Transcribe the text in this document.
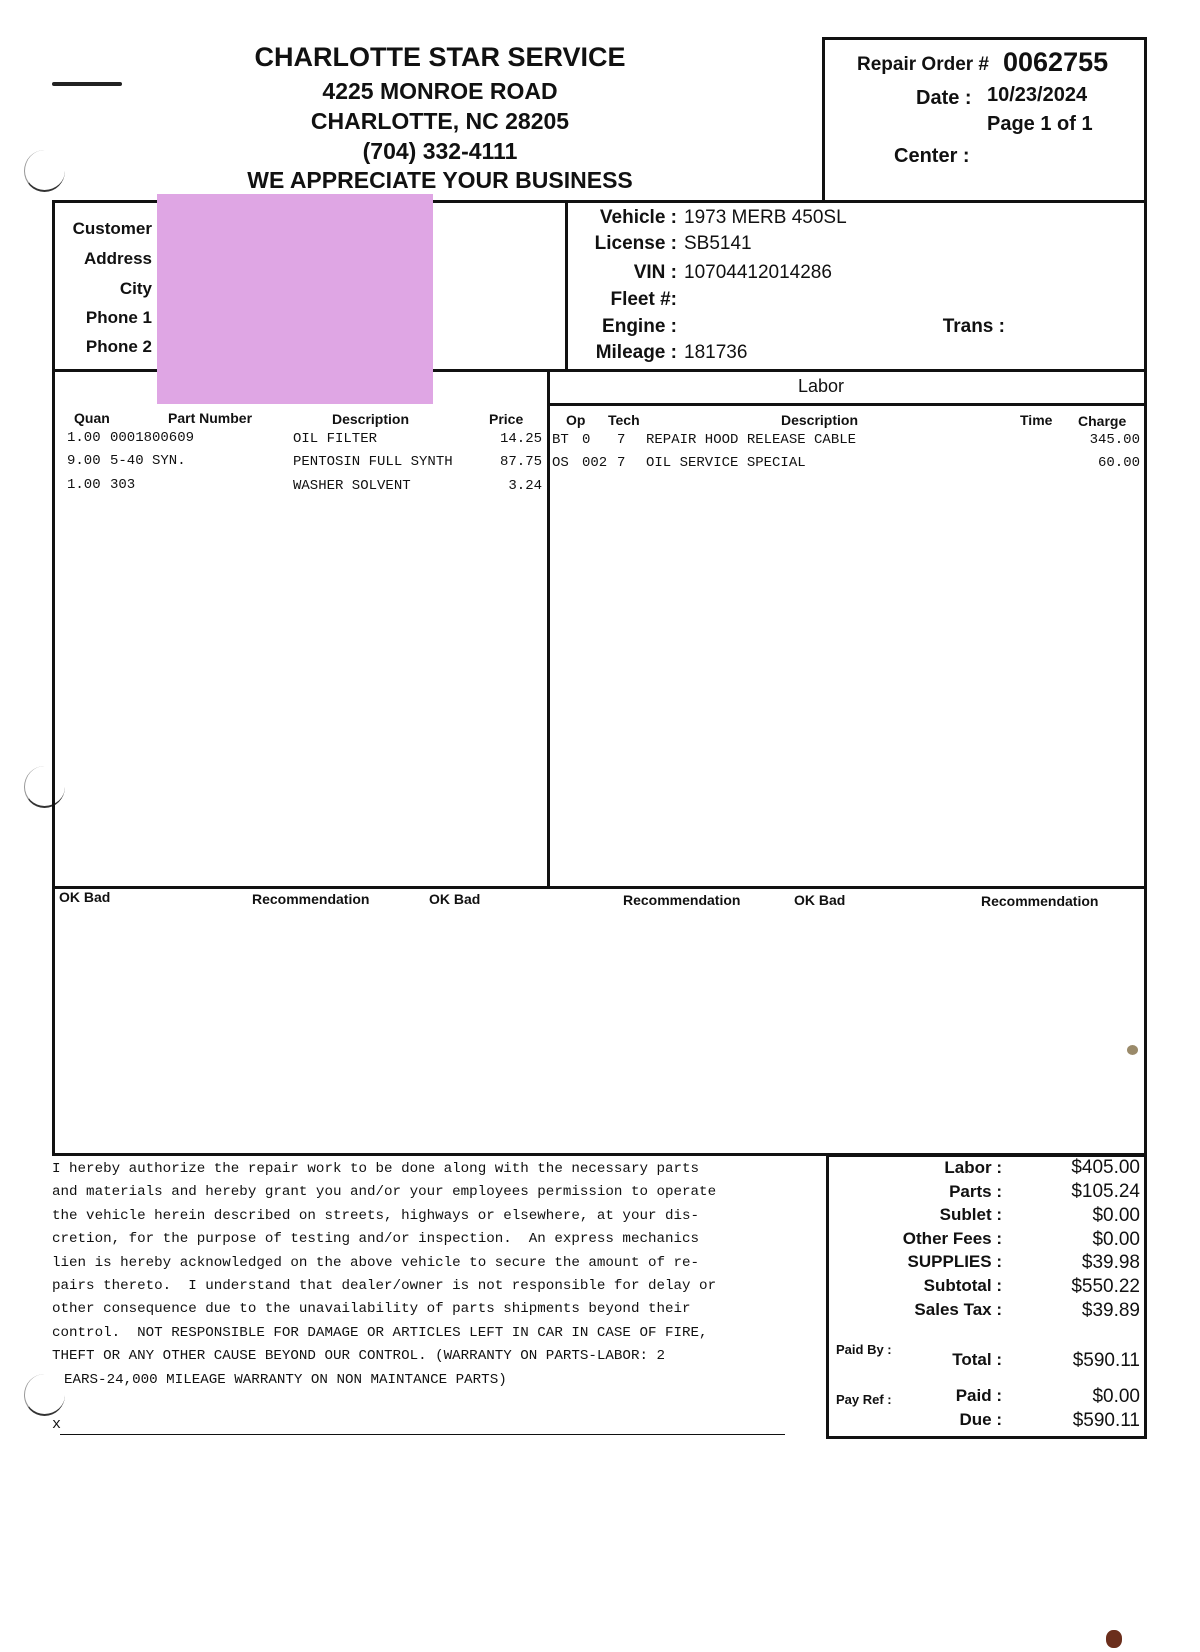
CHARLOTTE STAR SERVICE
4225 MONROE ROAD
CHARLOTTE, NC 28205
(704) 332-4111
WE APPRECIATE YOUR BUSINESS
Repair Order # 0062755
Date : 10/23/2024
Page 1 of 1
Center :
Customer
Address
City
Phone 1
Phone 2
Vehicle : 1973 MERB 450SL
License : SB5141
VIN : 10704412014286
Fleet #:
Engine :	Trans :
Mileage : 181736
Labor
Quan	Part Number	Description	Price
1.00 0001800609	OIL FILTER	14.25
9.00 5-40 SYN.	PENTOSIN FULL SYNTH	87.75
1.00 303	WASHER SOLVENT	3.24
Op Tech	Description	Time Charge
BT 0 7 REPAIR HOOD RELEASE CABLE	345.00
OS 002 7 OIL SERVICE SPECIAL	60.00
OK Bad	Recommendation	OK Bad	Recommendation	OK Bad	Recommendation
I hereby authorize the repair work to be done along with the necessary parts
and materials and hereby grant you and/or your employees permission to operate
the vehicle herein described on streets, highways or elsewhere, at your dis-
cretion, for the purpose of testing and/or inspection.  An express mechanics
lien is hereby acknowledged on the above vehicle to secure the amount of re-
pairs thereto.  I understand that dealer/owner is not responsible for delay or
other consequence due to the unavailability of parts shipments beyond their
control.  NOT RESPONSIBLE FOR DAMAGE OR ARTICLES LEFT IN CAR IN CASE OF FIRE,
THEFT OR ANY OTHER CAUSE BEYOND OUR CONTROL. (WARRANTY ON PARTS-LABOR: 2
EARS-24,000 MILEAGE WARRANTY ON NON MAINTANCE PARTS)
x
Labor :	$405.00
Parts :	$105.24
Sublet :	$0.00
Other Fees :	$0.00
SUPPLIES :	$39.98
Subtotal :	$550.22
Sales Tax :	$39.89
Paid By :
Total :	$590.11
Pay Ref :	Paid :	$0.00
Due :	$590.11
